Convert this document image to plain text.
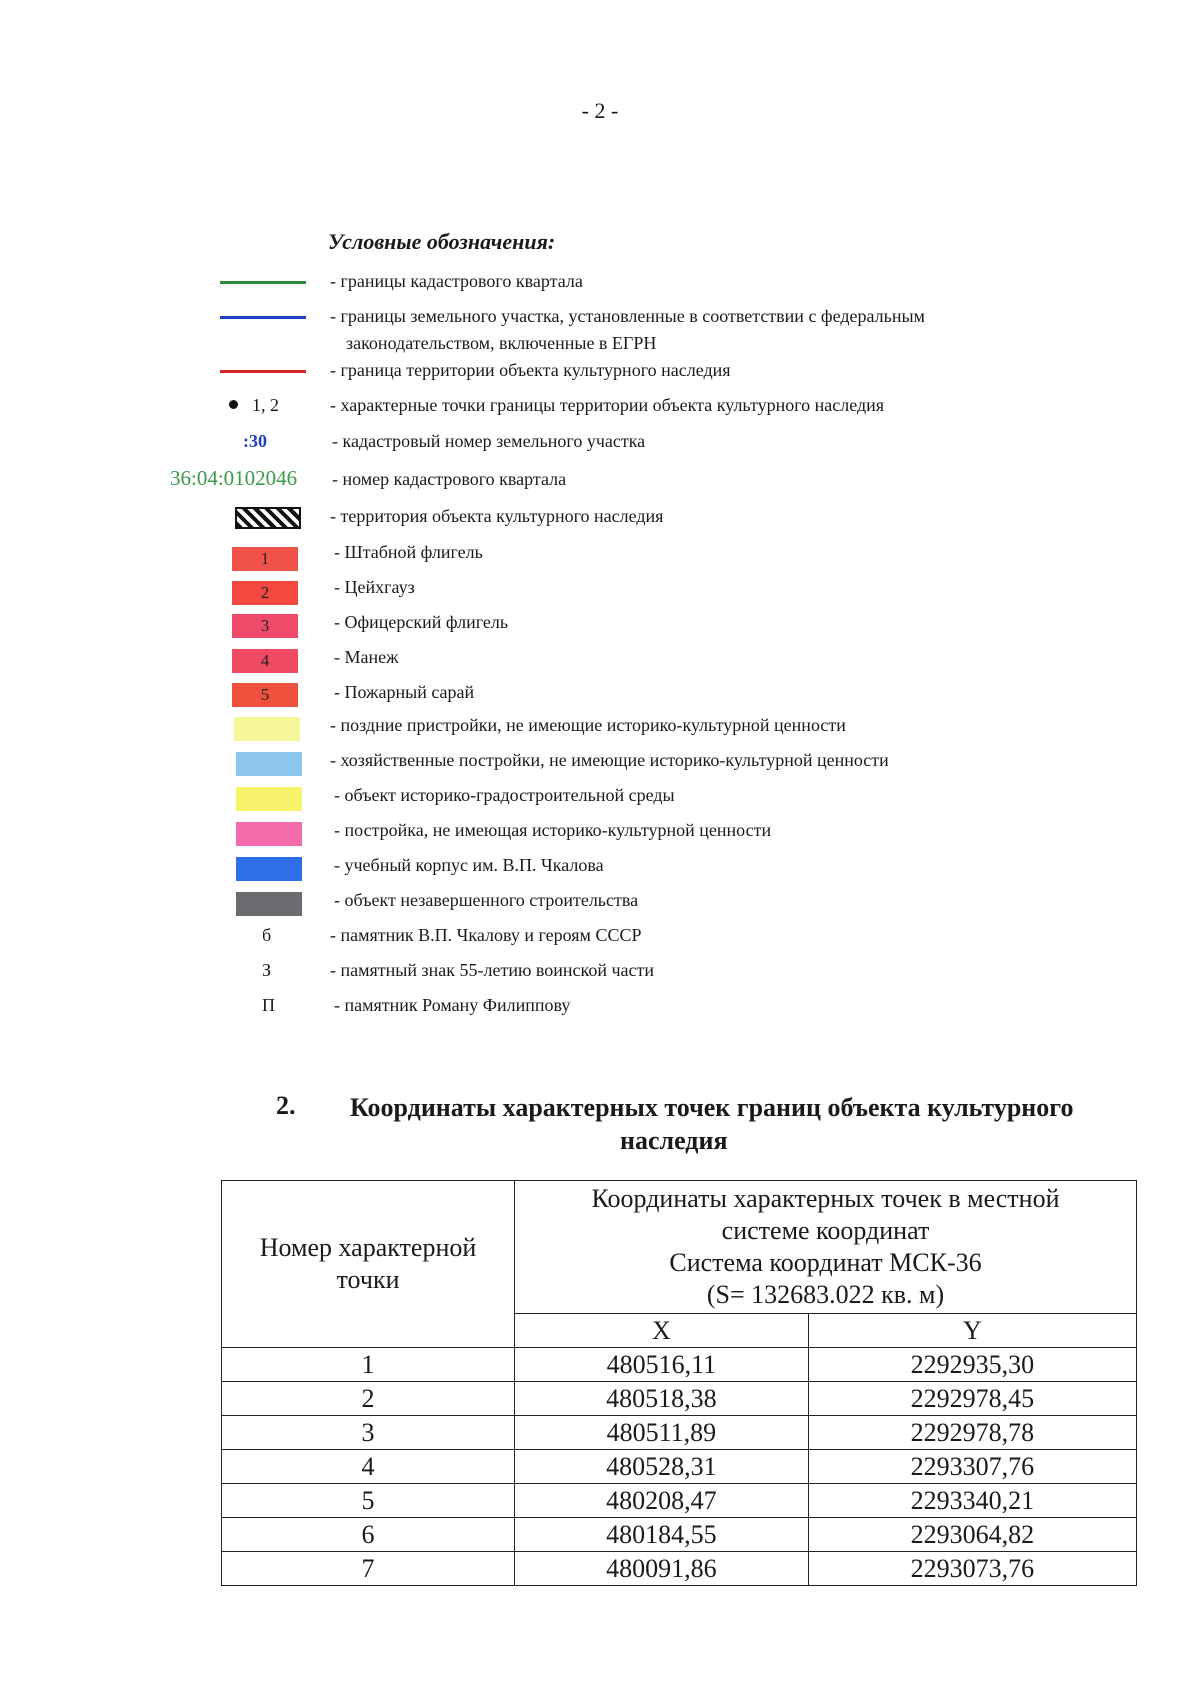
- 2 -
Условные обозначения:
- границы кадастрового квартала
- границы земельного участка, установленные в соответствии с федеральным
законодательством, включенные в ЕГРН
- граница территории объекта культурного наследия
1, 2	- характерные точки границы территории объекта культурного наследия
:30	- кадастровый номер земельного участка
36:04:0102046 - номер кадастрового квартала
- территория объекта культурного наследия
1	- Штабной флигель
2	- Цейхгауз
3	- Офицерский флигель
4	- Манеж
5	- Пожарный сарай
- поздние пристройки, не имеющие историко-культурной ценности
- хозяйственные постройки, не имеющие историко-культурной ценности
- объект историко-градостроительной среды
- постройка, не имеющая историко-культурной ценности
- учебный корпус им. В.П. Чкалова
- объект незавершенного строительства
б	- памятник В.П. Чкалову и героям СССР
З	- памятный знак 55-летию воинской части
П	- памятник Роману Филиппову
2. Координаты характерных точек границ объекта культурного
наследия
Номер характерной
точки	Координаты характерных точек в местной
системе координат
Система координат МСК-36
(S= 132683.022 кв. м)	
	X	Y
1	480516,11	2292935,30
2	480518,38	2292978,45
3	480511,89	2292978,78
4	480528,31	2293307,76
5	480208,47	2293340,21
6	480184,55	2293064,82
7	480091,86	2293073,76
